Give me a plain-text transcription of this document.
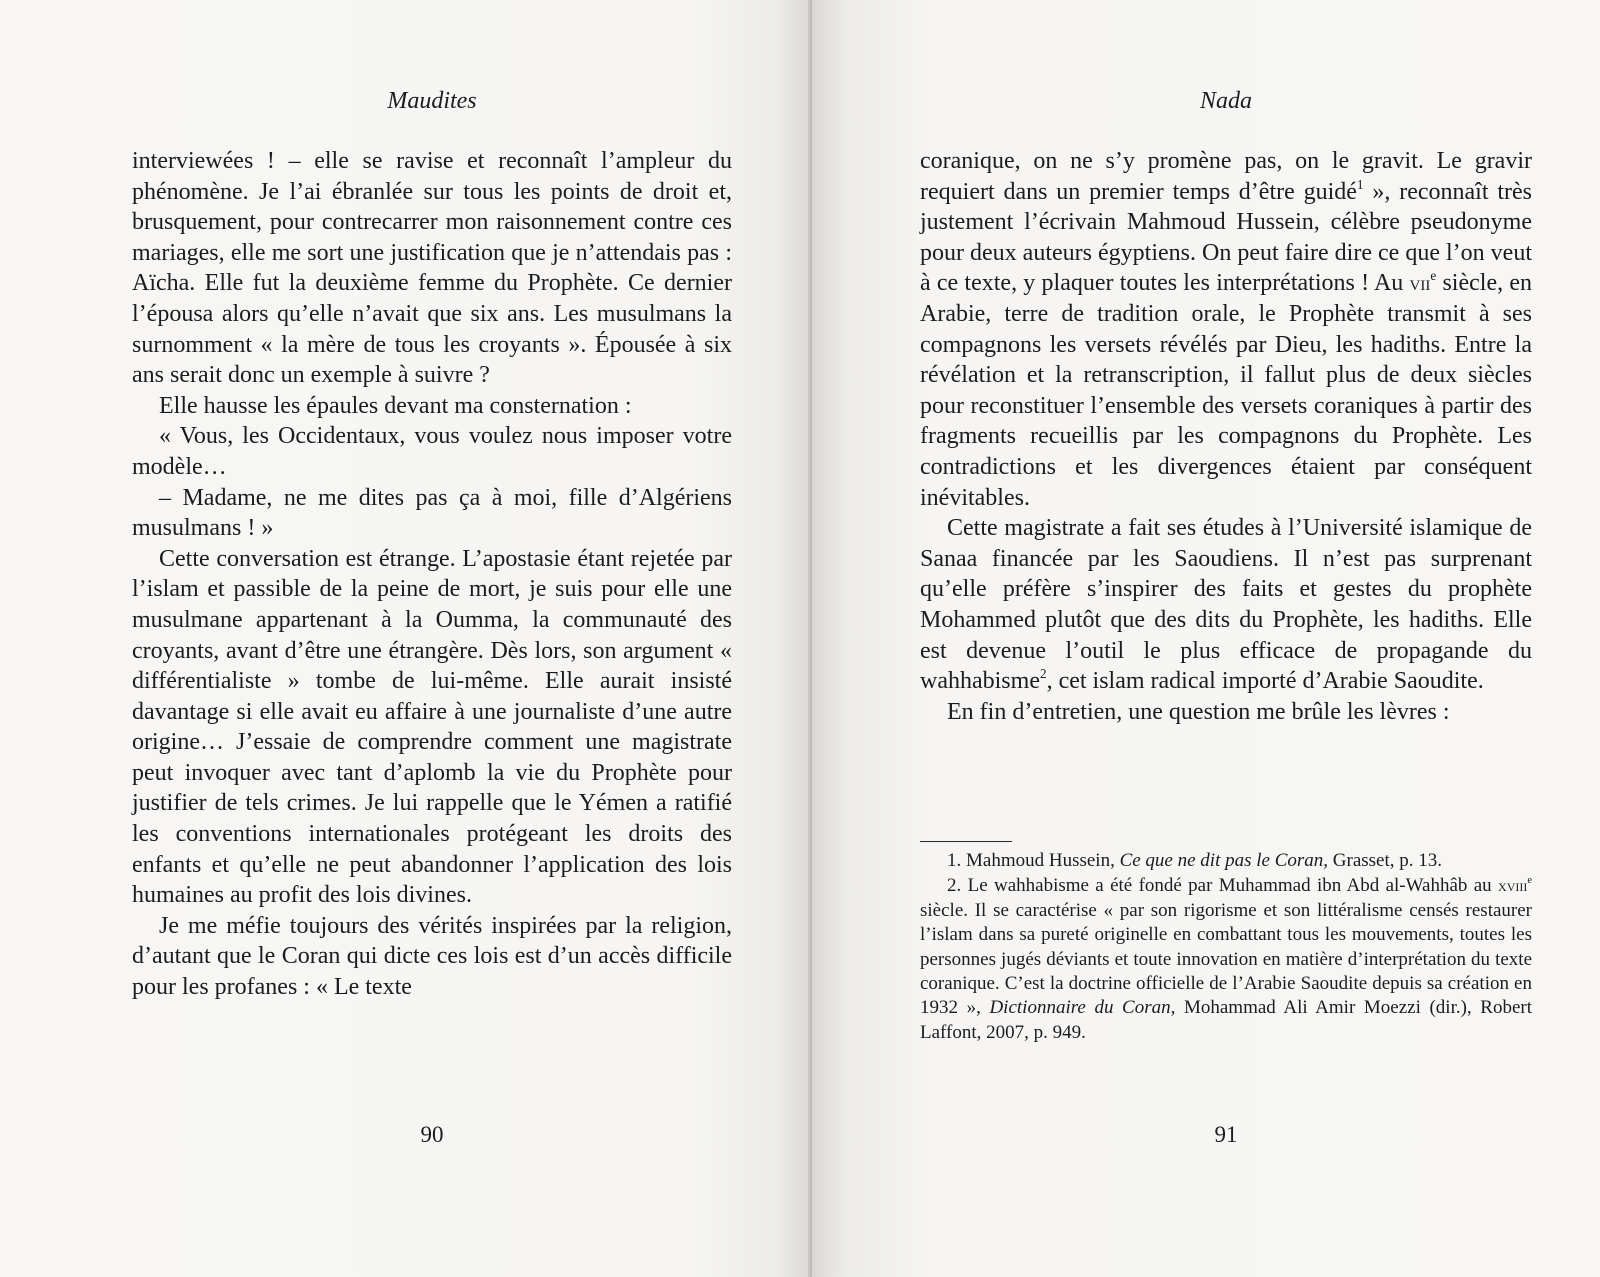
Maudites

interviewées ! – elle se ravise et reconnaît l’ampleur du phénomène. Je l’ai ébranlée sur tous les points de droit et, brusquement, pour contrecarrer mon raisonnement contre ces mariages, elle me sort une justification que je n’attendais pas : Aïcha. Elle fut la deuxième femme du Prophète. Ce dernier l’épousa alors qu’elle n’avait que six ans. Les musulmans la surnomment « la mère de tous les croyants ». Épousée à six ans serait donc un exemple à suivre ?

Elle hausse les épaules devant ma consternation :

« Vous, les Occidentaux, vous voulez nous imposer votre modèle…

– Madame, ne me dites pas ça à moi, fille d’Algériens musulmans ! »

Cette conversation est étrange. L’apostasie étant rejetée par l’islam et passible de la peine de mort, je suis pour elle une musulmane appartenant à la Oumma, la communauté des croyants, avant d’être une étrangère. Dès lors, son argument « différentialiste » tombe de lui-même. Elle aurait insisté davantage si elle avait eu affaire à une journaliste d’une autre origine… J’essaie de comprendre comment une magistrate peut invoquer avec tant d’aplomb la vie du Prophète pour justifier de tels crimes. Je lui rappelle que le Yémen a ratifié les conventions internationales protégeant les droits des enfants et qu’elle ne peut abandonner l’application des lois humaines au profit des lois divines.

Je me méfie toujours des vérités inspirées par la religion, d’autant que le Coran qui dicte ces lois est d’un accès difficile pour les profanes : « Le texte

90
Nada

coranique, on ne s’y promène pas, on le gravit. Le gravir requiert dans un premier temps d’être guidé$^1$ », reconnaît très justement l’écrivain Mahmoud Hussein, célèbre pseudonyme pour deux auteurs égyptiens. On peut faire dire ce que l’on veut à ce texte, y plaquer toutes les interprétations ! Au vii$^e$ siècle, en Arabie, terre de tradition orale, le Prophète transmit à ses compagnons les versets révélés par Dieu, les hadiths. Entre la révélation et la retranscription, il fallut plus de deux siècles pour reconstituer l’ensemble des versets coraniques à partir des fragments recueillis par les compagnons du Prophète. Les contradictions et les divergences étaient par conséquent inévitables.

Cette magistrate a fait ses études à l’Université islamique de Sanaa financée par les Saoudiens. Il n’est pas surprenant qu’elle préfère s’inspirer des faits et gestes du prophète Mohammed plutôt que des dits du Prophète, les hadiths. Elle est devenue l’outil le plus efficace de propagande du wahhabisme$^2$, cet islam radical importé d’Arabie Saoudite.

En fin d’entretien, une question me brûle les lèvres :

1. Mahmoud Hussein, Ce que ne dit pas le Coran, Grasset, p. 13.

2. Le wahhabisme a été fondé par Muhammad ibn Abd al-Wahhâb au xviii$^e$ siècle. Il se caractérise « par son rigorisme et son littéralisme censés restaurer l’islam dans sa pureté originelle en combattant tous les mouvements, toutes les personnes jugés déviants et toute innovation en matière d’interprétation du texte coranique. C’est la doctrine officielle de l’Arabie Saoudite depuis sa création en 1932 », Dictionnaire du Coran, Mohammad Ali Amir Moezzi (dir.), Robert Laffont, 2007, p. 949.

91
